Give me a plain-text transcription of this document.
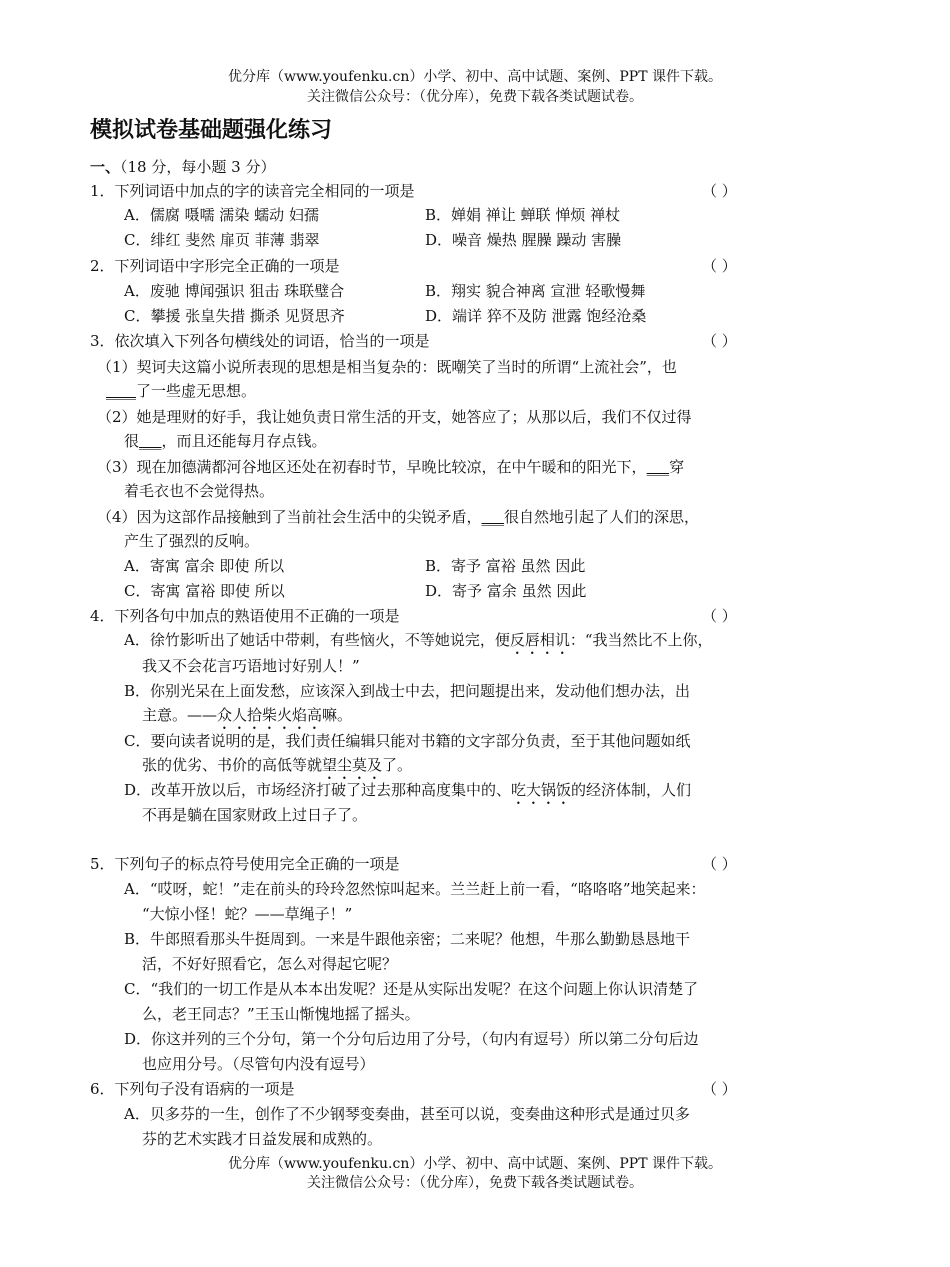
优分库（www.youfenku.cn）小学、初中、高中试题、案例、PPT 课件下载。
关注微信公众号：（优分库），免费下载各类试题试卷。
模拟试卷基础题强化练习
一、（18 分，每小题 3 分）
1．下列词语中加点的字的读音完全相同的一项是	（ ）
A．儒腐 嗫嚅 濡染 蠕动 妇孺	B．婵娟 禅让 蝉联 惮烦 禅杖
C．绯红 斐然 扉页 菲薄 翡翠	D．噪音 燥热 腥臊 躁动 害臊
2．下列词语中字形完全正确的一项是	（ ）
A．废驰 博闻强识 狙击 珠联璧合	B．翔实 貌合神离 宣泄 轻歌慢舞
C．攀援 张皇失措 撕杀 见贤思齐	D．端详 猝不及防 泄露 饱经沧桑
3．依次填入下列各句横线处的词语，恰当的一项是	（ ）
（1）契诃夫这篇小说所表现的思想是相当复杂的：既嘲笑了当时的所谓“上流社会”，也
____了一些虚无思想。
（2）她是理财的好手，我让她负责日常生活的开支，她答应了；从那以后，我们不仅过得
很___，而且还能每月存点钱。
（3）现在加德满都河谷地区还处在初春时节，早晚比较凉，在中午暖和的阳光下，___穿
着毛衣也不会觉得热。
（4）因为这部作品接触到了当前社会生活中的尖锐矛盾，___很自然地引起了人们的深思，
产生了强烈的反响。
A．寄寓 富余 即使 所以	B．寄予 富裕 虽然 因此
C．寄寓 富裕 即使 所以	D．寄予 富余 虽然 因此
4．下列各句中加点的熟语使用不正确的一项是	（ ）
A．徐竹影听出了她话中带刺，有些恼火，不等她说完，便反唇相讥：“我当然比不上你，
我又不会花言巧语地讨好别人！”
B．你别光呆在上面发愁，应该深入到战士中去，把问题提出来，发动他们想办法，出
主意。——众人拾柴火焰高嘛。
C．要向读者说明的是，我们责任编辑只能对书籍的文字部分负责，至于其他问题如纸
张的优劣、书价的高低等就望尘莫及了。
D．改革开放以后，市场经济打破了过去那种高度集中的、吃大锅饭的经济体制，人们
不再是躺在国家财政上过日子了。
5．下列句子的标点符号使用完全正确的一项是	（ ）
A．“哎呀，蛇！”走在前头的玲玲忽然惊叫起来。兰兰赶上前一看，“咯咯咯”地笑起来：
“大惊小怪！蛇？——草绳子！”
B．牛郎照看那头牛挺周到。一来是牛跟他亲密；二来呢？他想，牛那么勤勤恳恳地干
活，不好好照看它，怎么对得起它呢？
C．“我们的一切工作是从本本出发呢？还是从实际出发呢？在这个问题上你认识清楚了
么，老王同志？”王玉山惭愧地摇了摇头。
D．你这并列的三个分句，第一个分句后边用了分号，（句内有逗号）所以第二分句后边
也应用分号。（尽管句内没有逗号）
6．下列句子没有语病的一项是	（ ）
A．贝多芬的一生，创作了不少钢琴变奏曲，甚至可以说，变奏曲这种形式是通过贝多
芬的艺术实践才日益发展和成熟的。
优分库（www.youfenku.cn）小学、初中、高中试题、案例、PPT 课件下载。
关注微信公众号：（优分库），免费下载各类试题试卷。
